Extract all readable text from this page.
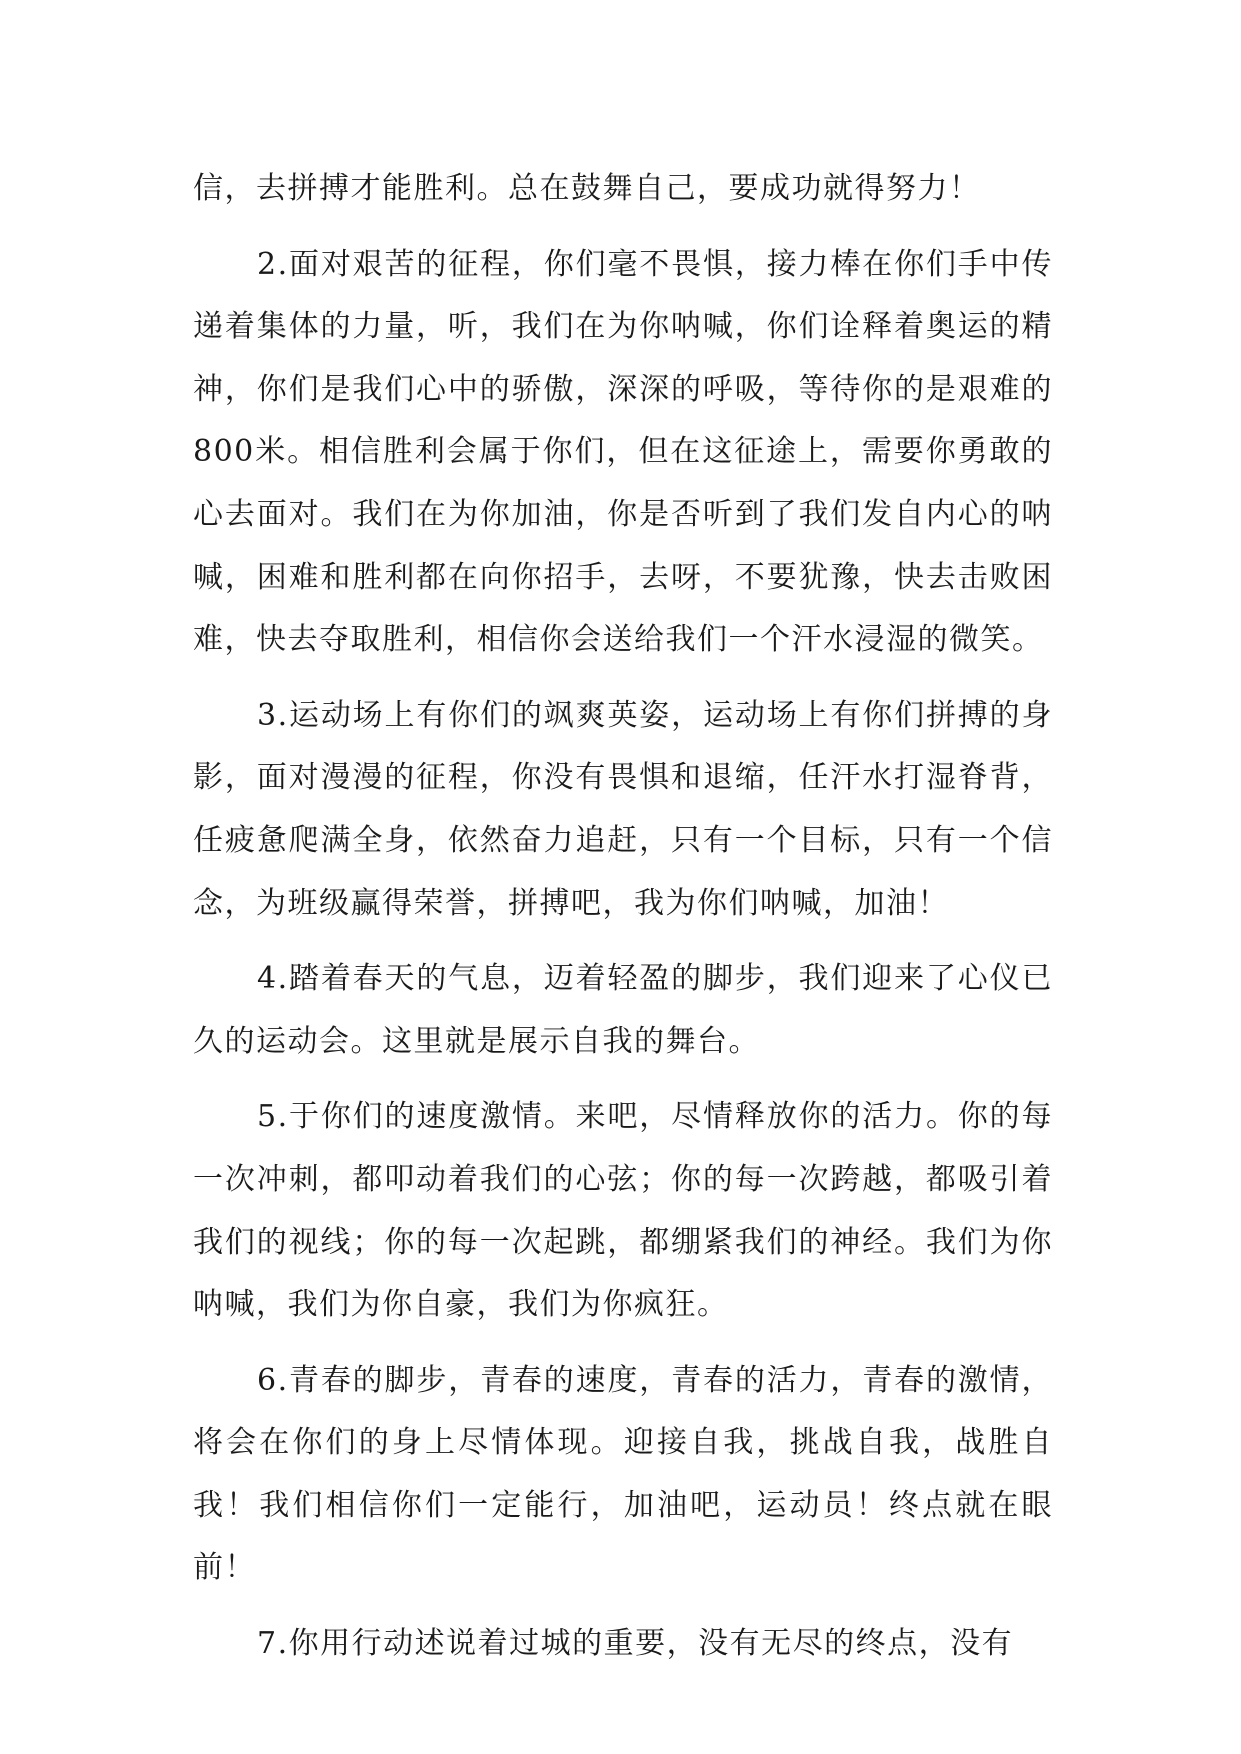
信，去拼搏才能胜利。总在鼓舞自己，要成功就得努力！

2.面对艰苦的征程，你们毫不畏惧，接力棒在你们手中传递着集体的力量，听，我们在为你呐喊，你们诠释着奥运的精神，你们是我们心中的骄傲，深深的呼吸，等待你的是艰难的800米。相信胜利会属于你们，但在这征途上，需要你勇敢的心去面对。我们在为你加油，你是否听到了我们发自内心的呐喊，困难和胜利都在向你招手，去呀，不要犹豫，快去击败困难，快去夺取胜利，相信你会送给我们一个汗水浸湿的微笑。

3.运动场上有你们的飒爽英姿，运动场上有你们拼搏的身影，面对漫漫的征程，你没有畏惧和退缩，任汗水打湿脊背，任疲惫爬满全身，依然奋力追赶，只有一个目标，只有一个信念，为班级赢得荣誉，拼搏吧，我为你们呐喊，加油！

4.踏着春天的气息，迈着轻盈的脚步，我们迎来了心仪已久的运动会。这里就是展示自我的舞台。

5.于你们的速度激情。来吧，尽情释放你的活力。你的每一次冲刺，都叩动着我们的心弦；你的每一次跨越，都吸引着我们的视线；你的每一次起跳，都绷紧我们的神经。我们为你呐喊，我们为你自豪，我们为你疯狂。

6.青春的脚步，青春的速度，青春的活力，青春的激情，将会在你们的身上尽情体现。迎接自我，挑战自我，战胜自我！我们相信你们一定能行，加油吧，运动员！终点就在眼前！

7.你用行动述说着过城的重要，没有无尽的终点，没有
